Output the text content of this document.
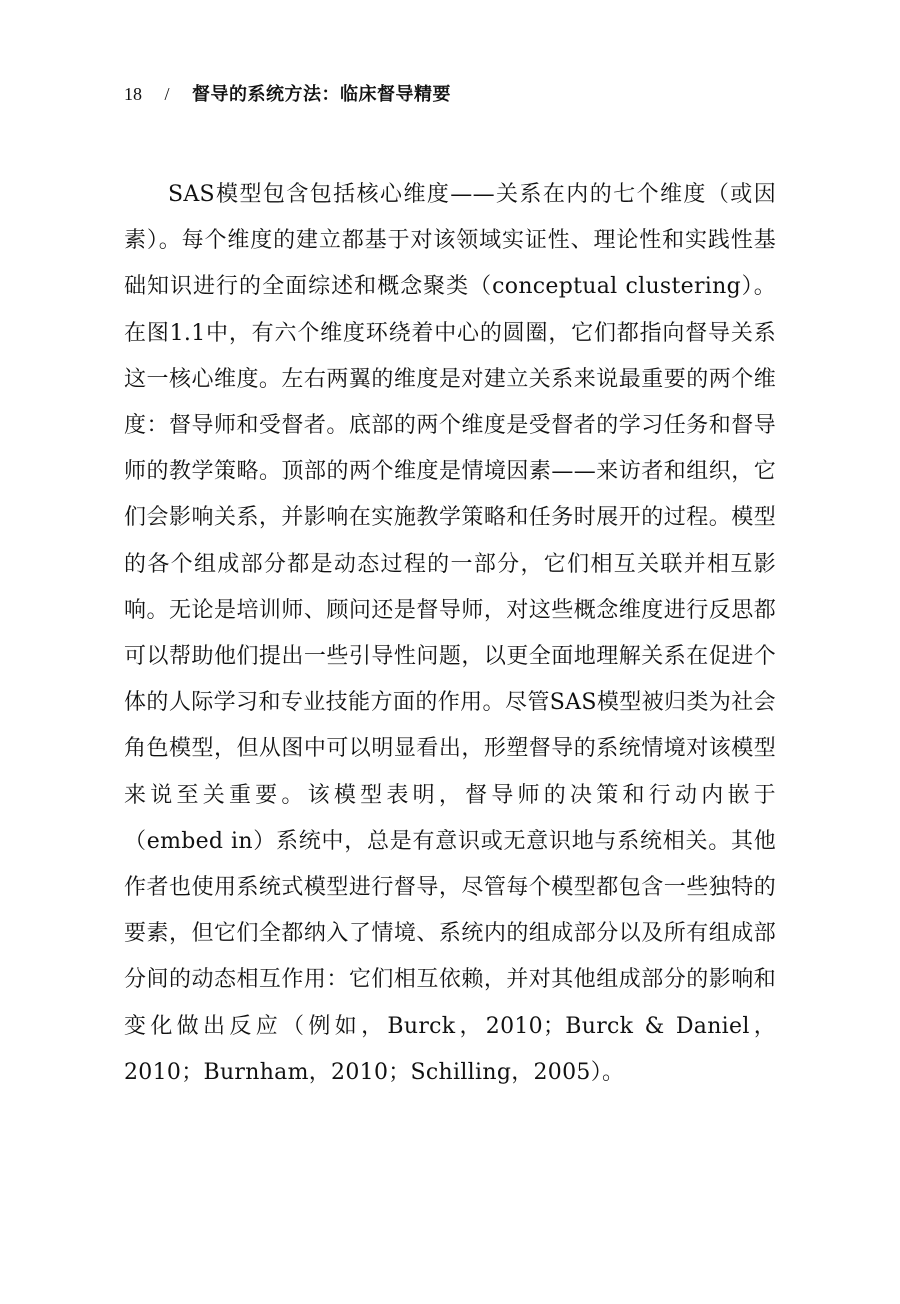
18 / 督导的系统方法：临床督导精要

SAS模型包含包括核心维度——关系在内的七个维度（或因素）。每个维度的建立都基于对该领域实证性、理论性和实践性基础知识进行的全面综述和概念聚类（conceptual clustering）。在图1.1中，有六个维度环绕着中心的圆圈，它们都指向督导关系这一核心维度。左右两翼的维度是对建立关系来说最重要的两个维度：督导师和受督者。底部的两个维度是受督者的学习任务和督导师的教学策略。顶部的两个维度是情境因素——来访者和组织，它们会影响关系，并影响在实施教学策略和任务时展开的过程。模型的各个组成部分都是动态过程的一部分，它们相互关联并相互影响。无论是培训师、顾问还是督导师，对这些概念维度进行反思都可以帮助他们提出一些引导性问题，以更全面地理解关系在促进个体的人际学习和专业技能方面的作用。尽管SAS模型被归类为社会角色模型，但从图中可以明显看出，形塑督导的系统情境对该模型来说至关重要。该模型表明，督导师的决策和行动内嵌于（embed in）系统中，总是有意识或无意识地与系统相关。其他作者也使用系统式模型进行督导，尽管每个模型都包含一些独特的要素，但它们全都纳入了情境、系统内的组成部分以及所有组成部分间的动态相互作用：它们相互依赖，并对其他组成部分的影响和变化做出反应（例如，Burck，2010；Burck & Daniel，2010；Burnham，2010；Schilling，2005）。
